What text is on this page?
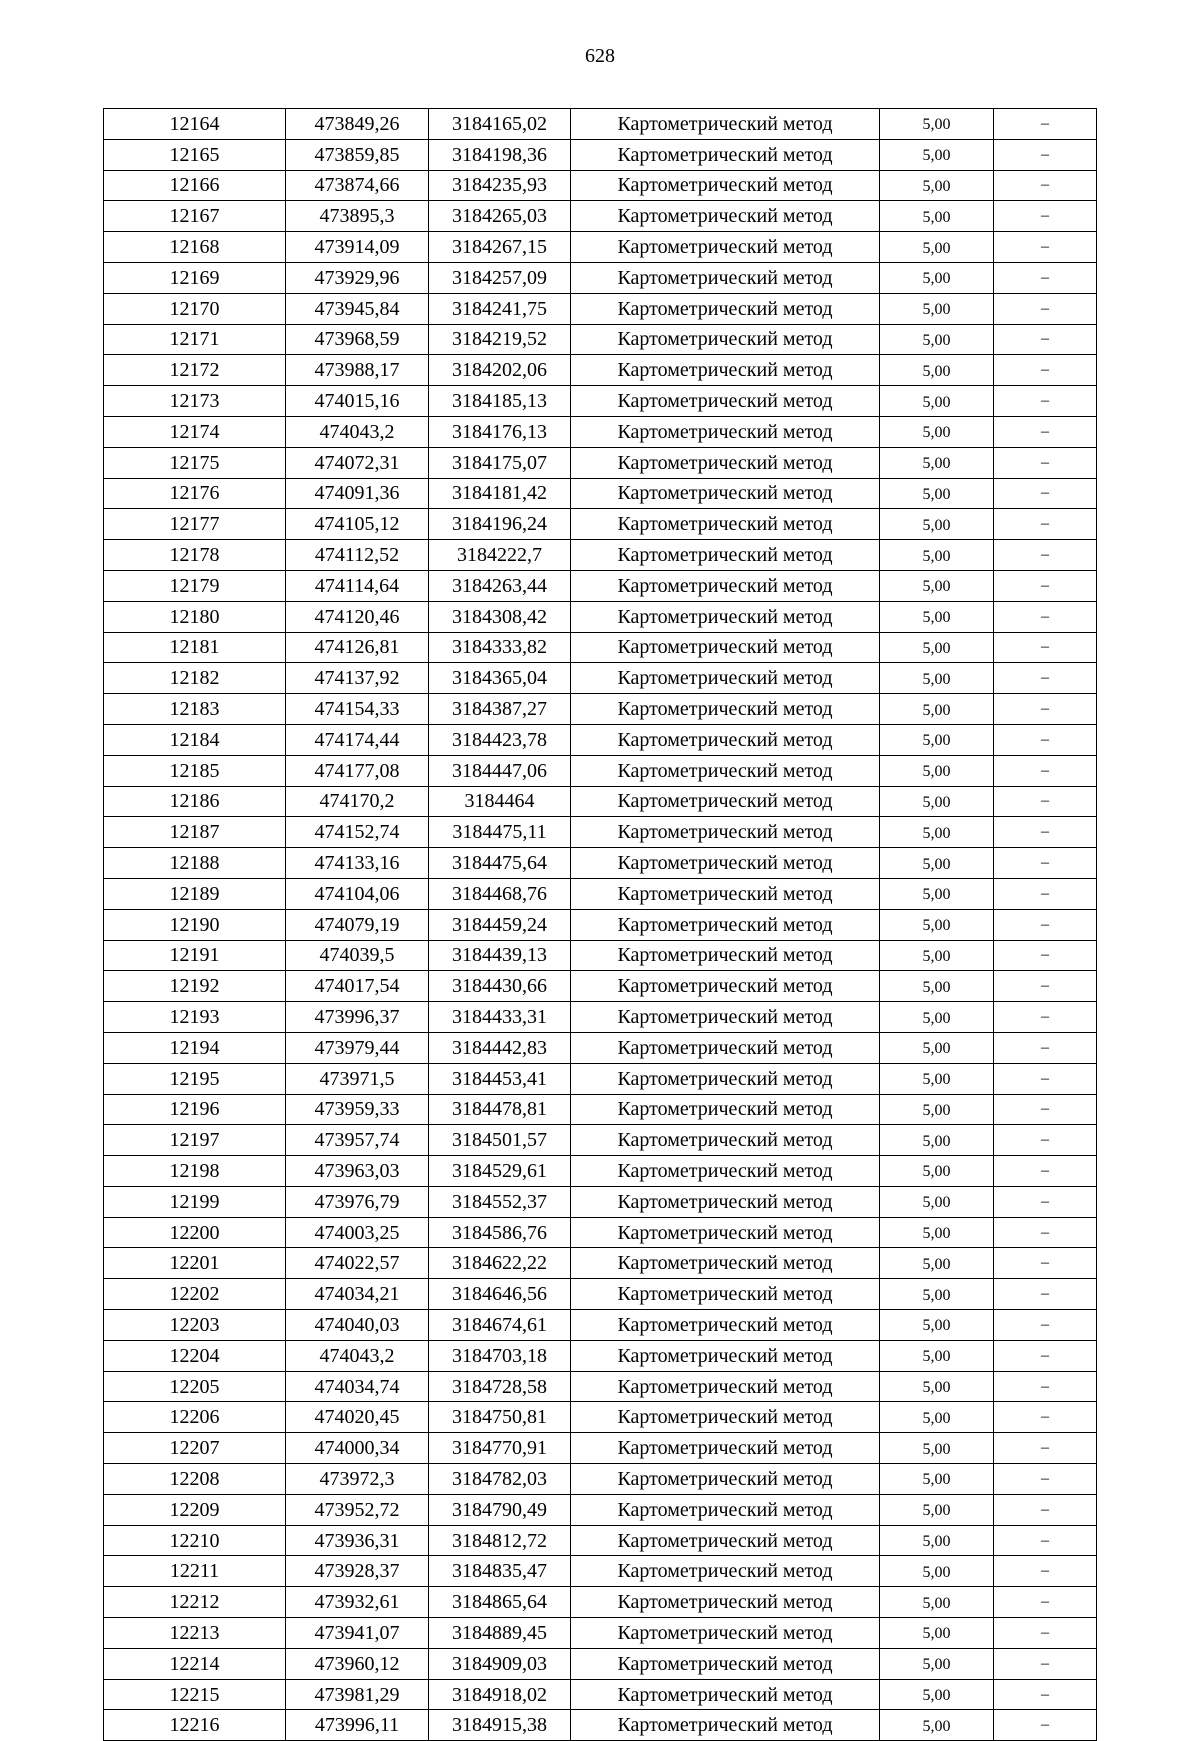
628
12164	473849,26	3184165,02	Картометрический метод	5,00	–
12165	473859,85	3184198,36	Картометрический метод	5,00	–
12166	473874,66	3184235,93	Картометрический метод	5,00	–
12167	473895,3	3184265,03	Картометрический метод	5,00	–
12168	473914,09	3184267,15	Картометрический метод	5,00	–
12169	473929,96	3184257,09	Картометрический метод	5,00	–
12170	473945,84	3184241,75	Картометрический метод	5,00	–
12171	473968,59	3184219,52	Картометрический метод	5,00	–
12172	473988,17	3184202,06	Картометрический метод	5,00	–
12173	474015,16	3184185,13	Картометрический метод	5,00	–
12174	474043,2	3184176,13	Картометрический метод	5,00	–
12175	474072,31	3184175,07	Картометрический метод	5,00	–
12176	474091,36	3184181,42	Картометрический метод	5,00	–
12177	474105,12	3184196,24	Картометрический метод	5,00	–
12178	474112,52	3184222,7	Картометрический метод	5,00	–
12179	474114,64	3184263,44	Картометрический метод	5,00	–
12180	474120,46	3184308,42	Картометрический метод	5,00	–
12181	474126,81	3184333,82	Картометрический метод	5,00	–
12182	474137,92	3184365,04	Картометрический метод	5,00	–
12183	474154,33	3184387,27	Картометрический метод	5,00	–
12184	474174,44	3184423,78	Картометрический метод	5,00	–
12185	474177,08	3184447,06	Картометрический метод	5,00	–
12186	474170,2	3184464	Картометрический метод	5,00	–
12187	474152,74	3184475,11	Картометрический метод	5,00	–
12188	474133,16	3184475,64	Картометрический метод	5,00	–
12189	474104,06	3184468,76	Картометрический метод	5,00	–
12190	474079,19	3184459,24	Картометрический метод	5,00	–
12191	474039,5	3184439,13	Картометрический метод	5,00	–
12192	474017,54	3184430,66	Картометрический метод	5,00	–
12193	473996,37	3184433,31	Картометрический метод	5,00	–
12194	473979,44	3184442,83	Картометрический метод	5,00	–
12195	473971,5	3184453,41	Картометрический метод	5,00	–
12196	473959,33	3184478,81	Картометрический метод	5,00	–
12197	473957,74	3184501,57	Картометрический метод	5,00	–
12198	473963,03	3184529,61	Картометрический метод	5,00	–
12199	473976,79	3184552,37	Картометрический метод	5,00	–
12200	474003,25	3184586,76	Картометрический метод	5,00	–
12201	474022,57	3184622,22	Картометрический метод	5,00	–
12202	474034,21	3184646,56	Картометрический метод	5,00	–
12203	474040,03	3184674,61	Картометрический метод	5,00	–
12204	474043,2	3184703,18	Картометрический метод	5,00	–
12205	474034,74	3184728,58	Картометрический метод	5,00	–
12206	474020,45	3184750,81	Картометрический метод	5,00	–
12207	474000,34	3184770,91	Картометрический метод	5,00	–
12208	473972,3	3184782,03	Картометрический метод	5,00	–
12209	473952,72	3184790,49	Картометрический метод	5,00	–
12210	473936,31	3184812,72	Картометрический метод	5,00	–
12211	473928,37	3184835,47	Картометрический метод	5,00	–
12212	473932,61	3184865,64	Картометрический метод	5,00	–
12213	473941,07	3184889,45	Картометрический метод	5,00	–
12214	473960,12	3184909,03	Картометрический метод	5,00	–
12215	473981,29	3184918,02	Картометрический метод	5,00	–
12216	473996,11	3184915,38	Картометрический метод	5,00	–
